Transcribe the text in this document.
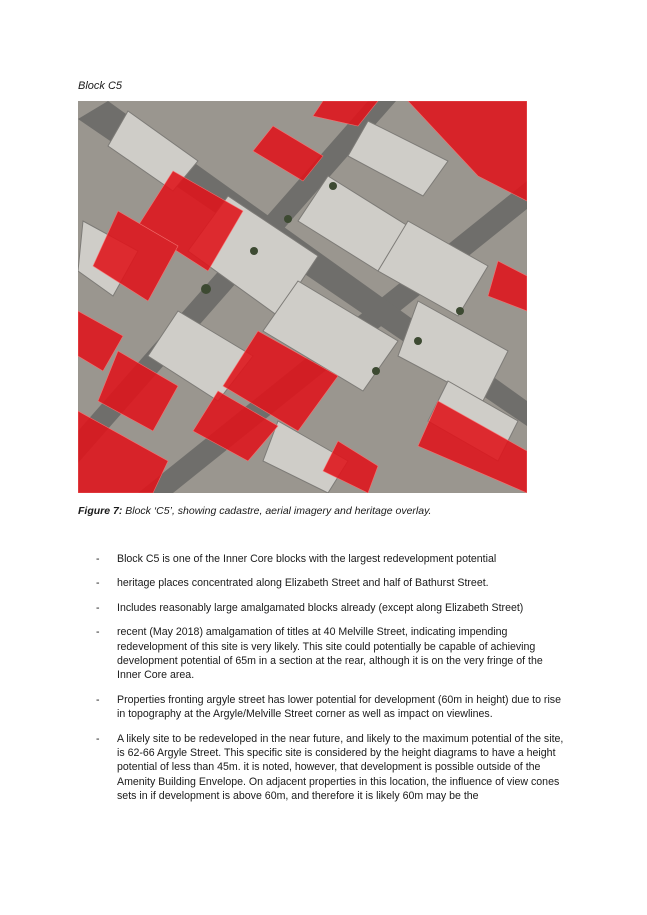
Block C5
Figure 7: Block ‘C5’, showing cadastre, aerial imagery and heritage overlay.
- Block C5 is one of the Inner Core blocks with the largest redevelopment potential
- heritage places concentrated along Elizabeth Street and half of Bathurst Street.
- Includes reasonably large amalgamated blocks already (except along Elizabeth Street)
- recent (May 2018) amalgamation of titles at 40 Melville Street, indicating impending redevelopment of this site is very likely. This site could potentially be capable of achieving development potential of 65m in a section at the rear, although it is on the very fringe of the Inner Core area.
- Properties fronting argyle street has lower potential for development (60m in height) due to rise in topography at the Argyle/Melville Street corner as well as impact on viewlines.
- A likely site to be redeveloped in the near future, and likely to the maximum potential of the site, is 62-66 Argyle Street. This specific site is considered by the height diagrams to have a height potential of less than 45m. it is noted, however, that development is possible outside of the Amenity Building Envelope. On adjacent properties in this location, the influence of view cones sets in if development is above 60m, and therefore it is likely 60m may be the
